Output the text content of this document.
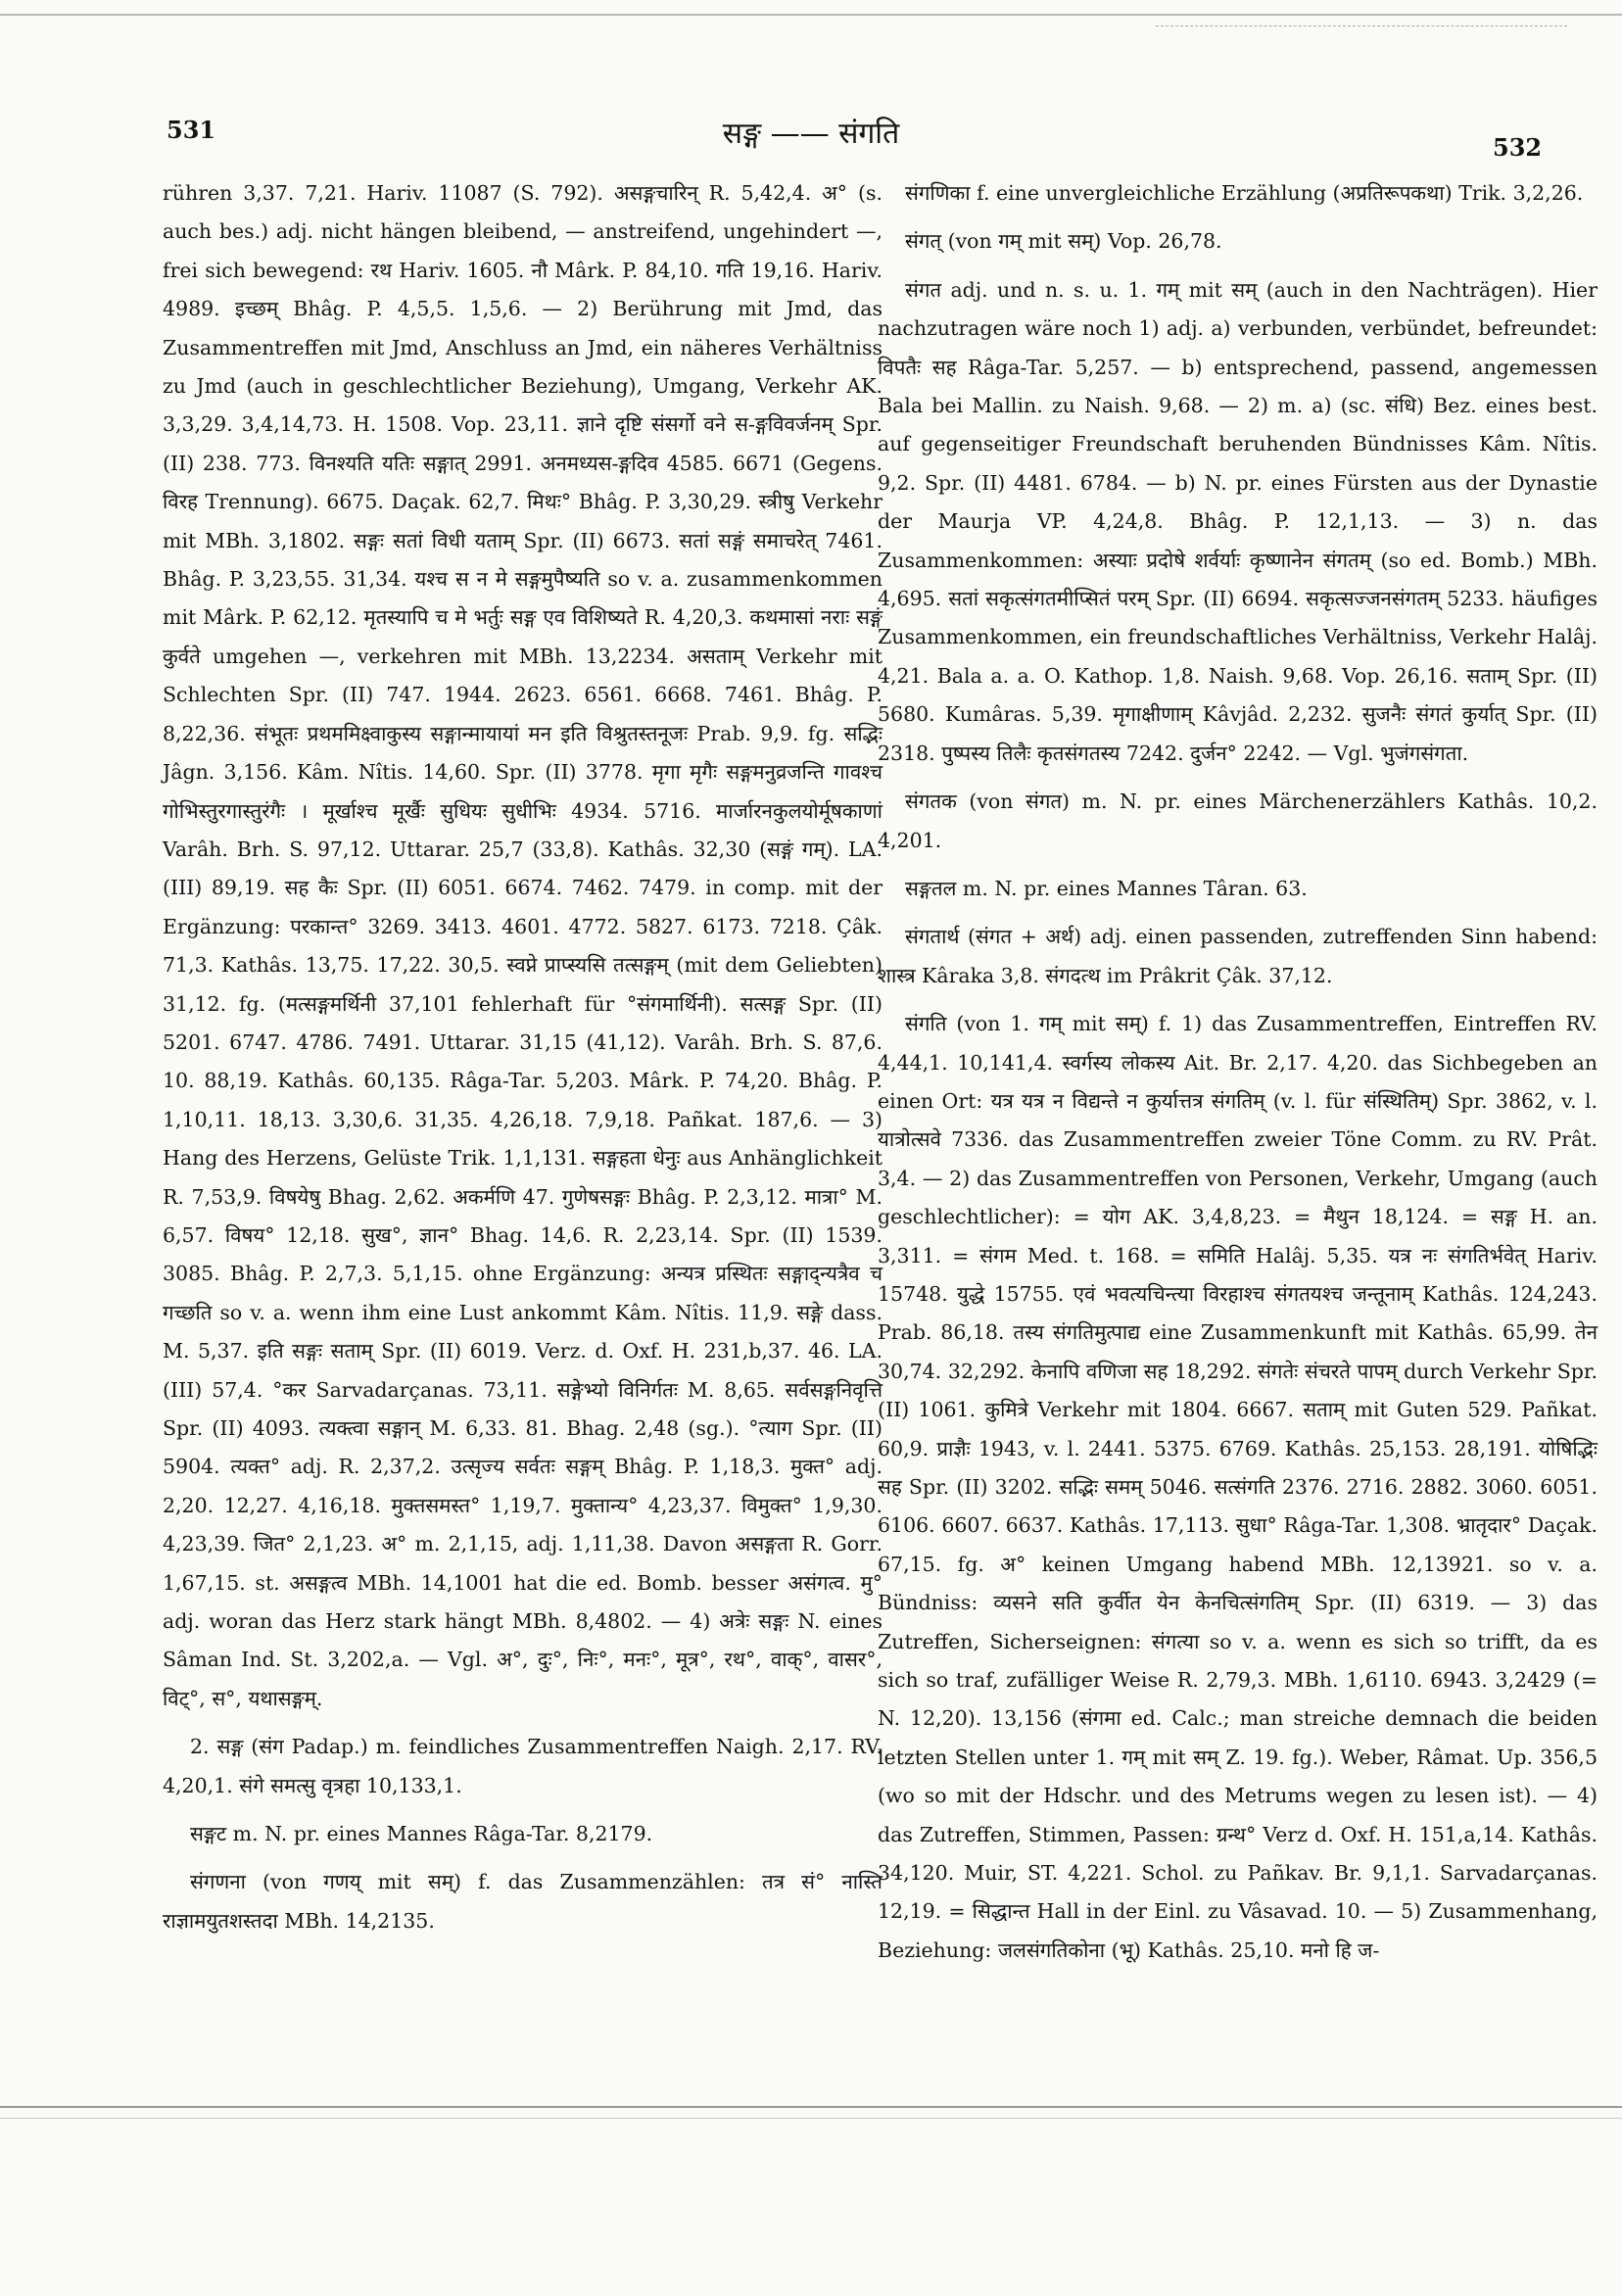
531	सङ्ग —— संगति	532

rühren 3,37. 7,21. Hariv. 11087 (S. 792). असङ्गचारिन् R. 5,42,4. अ° (s. auch bes.) adj. nicht hängen bleibend, — anstreifend, ungehindert —, frei sich bewegend: रथ Hariv. 1605. नौ Mârk. P. 84,10. गति 19,16. Hariv. 4989. इच्छम् Bhâg. P. 4,5,5. 1,5,6. — 2) Berührung mit Jmd, das Zusammentreffen mit Jmd, Anschluss an Jmd, ein näheres Verhältniss zu Jmd (auch in geschlechtlicher Beziehung), Umgang, Verkehr AK. 3,3,29. 3,4,14,73. H. 1508. Vop. 23,11. ज्ञाने दृष्टि संसर्गो वने स-ङ्गविवर्जनम् Spr. (II) 238. 773. विनश्यति यतिः सङ्गात् 2991. अनमध्यस-ङ्गदिव 4585. 6671 (Gegens. विरह Trennung). 6675. Daçak. 62,7. मिथः° Bhâg. P. 3,30,29. स्त्रीषु Verkehr mit MBh. 3,1802. सङ्गः सतां विधी यताम् Spr. (II) 6673. सतां सङ्गं समाचरेत् 7461. Bhâg. P. 3,23,55. 31,34. यश्च स न मे सङ्गमुपैष्यति so v. a. zusammenkommen mit Mârk. P. 62,12. मृतस्यापि च मे भर्तुः सङ्ग एव विशिष्यते R. 4,20,3. कथमासां नराः सङ्गं कुर्वते umgehen —, verkehren mit MBh. 13,2234. असताम् Verkehr mit Schlechten Spr. (II) 747. 1944. 2623. 6561. 6668. 7461. Bhâg. P. 8,22,36. संभूतः प्रथममिक्ष्वाकुस्य सङ्गान्मायायां मन इति विश्रुतस्तनूजः Prab. 9,9. fg. सद्भिः Jâgn. 3,156. Kâm. Nîtis. 14,60. Spr. (II) 3778. मृगा मृगैः सङ्गमनुव्रजन्ति गावश्च गोभिस्तुरगास्तुरंगैः । मूर्खाश्च मूर्खैः सुधियः सुधीभिः 4934. 5716. मार्जारनकुलयोर्मूषकाणां Varâh. Brh. S. 97,12. Uttarar. 25,7 (33,8). Kathâs. 32,30 (सङ्गं गम्). LA. (III) 89,19. सह कैः Spr. (II) 6051. 6674. 7462. 7479. in comp. mit der Ergänzung: परकान्त° 3269. 3413. 4601. 4772. 5827. 6173. 7218. Çâk. 71,3. Kathâs. 13,75. 17,22. 30,5. स्वप्ने प्राप्स्यसि तत्सङ्गम् (mit dem Geliebten) 31,12. fg. (मत्सङ्गमर्थिनी 37,101 fehlerhaft für °संगमार्थिनी). सत्सङ्ग Spr. (II) 5201. 6747. 4786. 7491. Uttarar. 31,15 (41,12). Varâh. Brh. S. 87,6. 10. 88,19. Kathâs. 60,135. Râga-Tar. 5,203. Mârk. P. 74,20. Bhâg. P. 1,10,11. 18,13. 3,30,6. 31,35. 4,26,18. 7,9,18. Pañkat. 187,6. — 3) Hang des Herzens, Gelüste Trik. 1,1,131. सङ्गहता धेनुः aus Anhänglichkeit R. 7,53,9. विषयेषु Bhag. 2,62. अकर्मणि 47. गुणेषसङ्गः Bhâg. P. 2,3,12. मात्रा° M. 6,57. विषय° 12,18. सुख°, ज्ञान° Bhag. 14,6. R. 2,23,14. Spr. (II) 1539. 3085. Bhâg. P. 2,7,3. 5,1,15. ohne Ergänzung: अन्यत्र प्रस्थितः सङ्गाद्न्यत्रैव च गच्छति so v. a. wenn ihm eine Lust ankommt Kâm. Nîtis. 11,9. सङ्गे dass. M. 5,37. इति सङ्गः सताम् Spr. (II) 6019. Verz. d. Oxf. H. 231,b,37. 46. LA. (III) 57,4. °कर Sarvadarçanas. 73,11. सङ्गेभ्यो विनिर्गतः M. 8,65. सर्वसङ्गनिवृत्ति Spr. (II) 4093. त्यक्त्वा सङ्गान् M. 6,33. 81. Bhag. 2,48 (sg.). °त्याग Spr. (II) 5904. त्यक्त° adj. R. 2,37,2. उत्सृज्य सर्वतः सङ्गम् Bhâg. P. 1,18,3. मुक्त° adj. 2,20. 12,27. 4,16,18. मुक्तसमस्त° 1,19,7. मुक्तान्य° 4,23,37. विमुक्त° 1,9,30. 4,23,39. जित° 2,1,23. अ° m. 2,1,15, adj. 1,11,38. Davon असङ्गता R. Gorr. 1,67,15. st. असङ्गत्व MBh. 14,1001 hat die ed. Bomb. besser असंगत्व. मु° adj. woran das Herz stark hängt MBh. 8,4802. — 4) अत्रेः सङ्गः N. eines Sâman Ind. St. 3,202,a. — Vgl. अ°, दुः°, निः°, मनः°, मूत्र°, रथ°, वाक्°, वासर°, विट्°, स°, यथासङ्गम्.

2. सङ्ग (संग Padap.) m. feindliches Zusammentreffen Naigh. 2,17. RV. 4,20,1. संगे समत्सु वृत्रहा 10,133,1.

सङ्गट m. N. pr. eines Mannes Râga-Tar. 8,2179.

संगणना (von गणय् mit सम्) f. das Zusammenzählen: तत्र सं° नास्ति राज्ञामयुतशस्तदा MBh. 14,2135.

संगणिका f. eine unvergleichliche Erzählung (अप्रतिरूपकथा) Trik. 3,2,26.

संगत् (von गम् mit सम्) Vop. 26,78.

संगत adj. und n. s. u. 1. गम् mit सम् (auch in den Nachträgen). Hier nachzutragen wäre noch 1) adj. a) verbunden, verbündet, befreundet: विपतैः सह Râga-Tar. 5,257. — b) entsprechend, passend, angemessen Bala bei Mallin. zu Naish. 9,68. — 2) m. a) (sc. संधि) Bez. eines best. auf gegenseitiger Freundschaft beruhenden Bündnisses Kâm. Nîtis. 9,2. Spr. (II) 4481. 6784. — b) N. pr. eines Fürsten aus der Dynastie der Maurja VP. 4,24,8. Bhâg. P. 12,1,13. — 3) n. das Zusammenkommen: अस्याः प्रदोषे शर्वर्याः कृष्णानेन संगतम् (so ed. Bomb.) MBh. 4,695. सतां सकृत्संगतमीप्सितं परम् Spr. (II) 6694. सकृत्सज्जनसंगतम् 5233. häufiges Zusammenkommen, ein freundschaftliches Verhältniss, Verkehr Halâj. 4,21. Bala a. a. O. Kathop. 1,8. Naish. 9,68. Vop. 26,16. सताम् Spr. (II) 5680. Kumâras. 5,39. मृगाक्षीणाम् Kâvjâd. 2,232. सुजनैः संगतं कुर्यात् Spr. (II) 2318. पुष्पस्य तिलैः कृतसंगतस्य 7242. दुर्जन° 2242. — Vgl. भुजंगसंगता.

संगतक (von संगत) m. N. pr. eines Märchenerzählers Kathâs. 10,2. 4,201.

सङ्गतल m. N. pr. eines Mannes Târan. 63.

संगतार्थ (संगत + अर्थ) adj. einen passenden, zutreffenden Sinn habend: शास्त्र Kâraka 3,8. संगदत्थ im Prâkrit Çâk. 37,12.

संगति (von 1. गम् mit सम्) f. 1) das Zusammentreffen, Eintreffen RV. 4,44,1. 10,141,4. स्वर्गस्य लोकस्य Ait. Br. 2,17. 4,20. das Sichbegeben an einen Ort: यत्र यत्र न विद्यन्ते न कुर्यात्तत्र संगतिम् (v. l. für संस्थितिम्) Spr. 3862, v. l. यात्रोत्सवे 7336. das Zusammentreffen zweier Töne Comm. zu RV. Prât. 3,4. — 2) das Zusammentreffen von Personen, Verkehr, Umgang (auch geschlechtlicher): = योग AK. 3,4,8,23. = मैथुन 18,124. = सङ्ग H. an. 3,311. = संगम Med. t. 168. = समिति Halâj. 5,35. यत्र नः संगतिर्भवेत् Hariv. 15748. युद्धे 15755. एवं भवत्यचिन्त्या विरहाश्च संगतयश्च जन्तूनाम् Kathâs. 124,243. Prab. 86,18. तस्य संगतिमुत्पाद्य eine Zusammenkunft mit Kathâs. 65,99. तेन 30,74. 32,292. केनापि वणिजा सह 18,292. संगतेः संचरते पापम् durch Verkehr Spr. (II) 1061. कुमित्रे Verkehr mit 1804. 6667. सताम् mit Guten 529. Pañkat. 60,9. प्राज्ञैः 1943, v. l. 2441. 5375. 6769. Kathâs. 25,153. 28,191. योषिद्भिः सह Spr. (II) 3202. सद्भिः समम् 5046. सत्संगति 2376. 2716. 2882. 3060. 6051. 6106. 6607. 6637. Kathâs. 17,113. सुधा° Râga-Tar. 1,308. भ्रातृदार° Daçak. 67,15. fg. अ° keinen Umgang habend MBh. 12,13921. so v. a. Bündniss: व्यसने सति कुर्वीत येन केनचित्संगतिम् Spr. (II) 6319. — 3) das Zutreffen, Sicherseignen: संगत्या so v. a. wenn es sich so trifft, da es sich so traf, zufälliger Weise R. 2,79,3. MBh. 1,6110. 6943. 3,2429 (= N. 12,20). 13,156 (संगमा ed. Calc.; man streiche demnach die beiden letzten Stellen unter 1. गम् mit सम् Z. 19. fg.). Weber, Râmat. Up. 356,5 (wo so mit der Hdschr. und des Metrums wegen zu lesen ist). — 4) das Zutreffen, Stimmen, Passen: ग्रन्थ° Verz d. Oxf. H. 151,a,14. Kathâs. 34,120. Muir, ST. 4,221. Schol. zu Pañkav. Br. 9,1,1. Sarvadarçanas. 12,19. = सिद्धान्त Hall in der Einl. zu Vâsavad. 10. — 5) Zusammenhang, Beziehung: जलसंगतिकोना (भू) Kathâs. 25,10. मनो हि ज-
